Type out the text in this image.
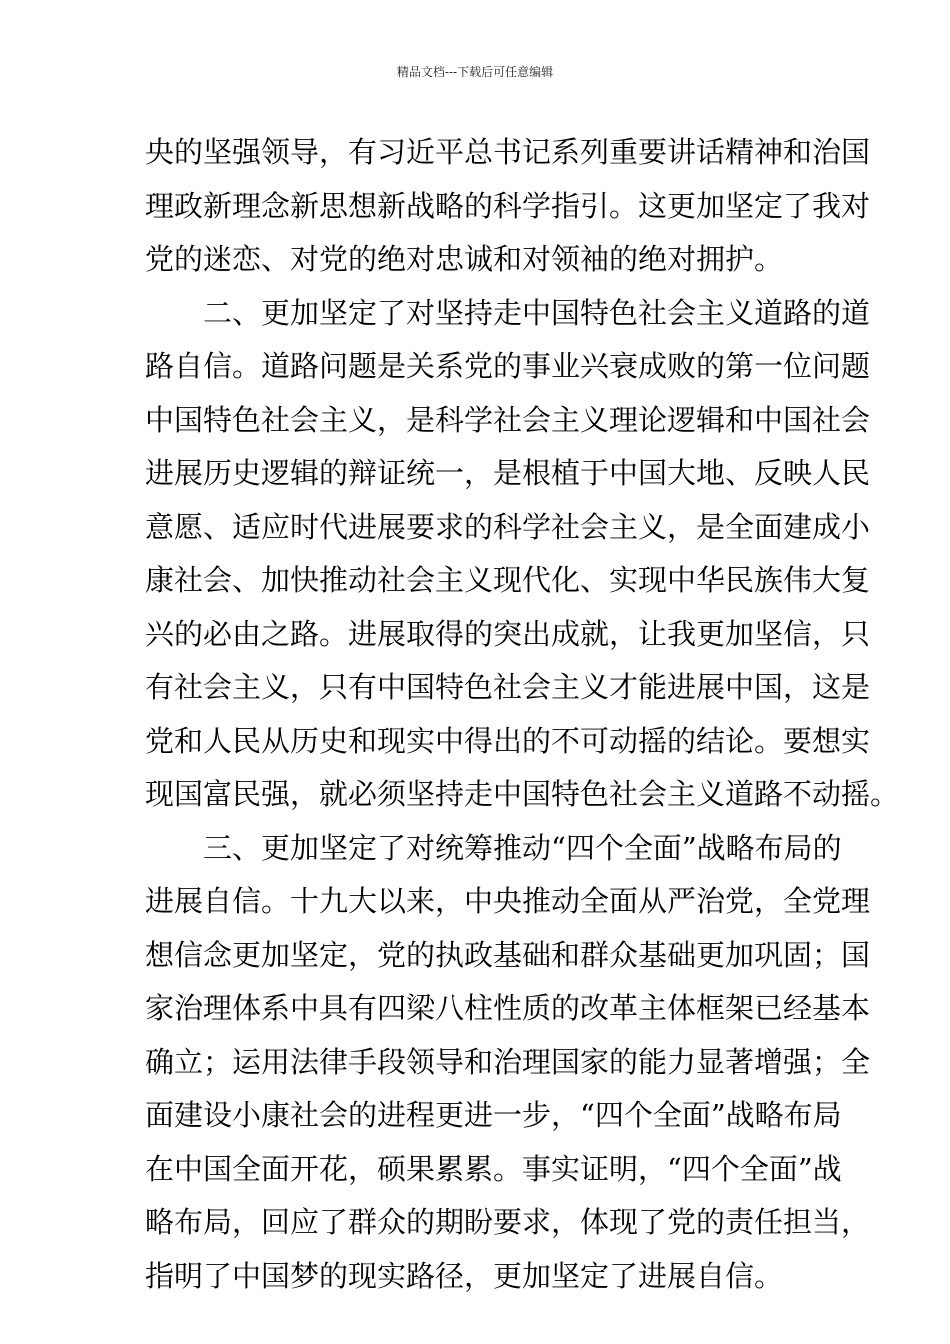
精品文档---下载后可任意编辑
央的坚强领导，有习近平总书记系列重要讲话精神和治国
理政新理念新思想新战略的科学指引。这更加坚定了我对
党的迷恋、对党的绝对忠诚和对领袖的绝对拥护。
二、更加坚定了对坚持走中国特色社会主义道路的道
路自信。道路问题是关系党的事业兴衰成败的第一位问题
中国特色社会主义，是科学社会主义理论逻辑和中国社会
进展历史逻辑的辩证统一，是根植于中国大地、反映人民
意愿、适应时代进展要求的科学社会主义，是全面建成小
康社会、加快推动社会主义现代化、实现中华民族伟大复
兴的必由之路。进展取得的突出成就，让我更加坚信，只
有社会主义，只有中国特色社会主义才能进展中国，这是
党和人民从历史和现实中得出的不可动摇的结论。要想实
现国富民强，就必须坚持走中国特色社会主义道路不动摇。
三、更加坚定了对统筹推动“四个全面”战略布局的
进展自信。十九大以来，中央推动全面从严治党，全党理
想信念更加坚定，党的执政基础和群众基础更加巩固；国
家治理体系中具有四梁八柱性质的改革主体框架已经基本
确立；运用法律手段领导和治理国家的能力显著增强；全
面建设小康社会的进程更进一步，“四个全面”战略布局
在中国全面开花，硕果累累。事实证明，“四个全面”战
略布局，回应了群众的期盼要求，体现了党的责任担当，
指明了中国梦的现实路径，更加坚定了进展自信。
